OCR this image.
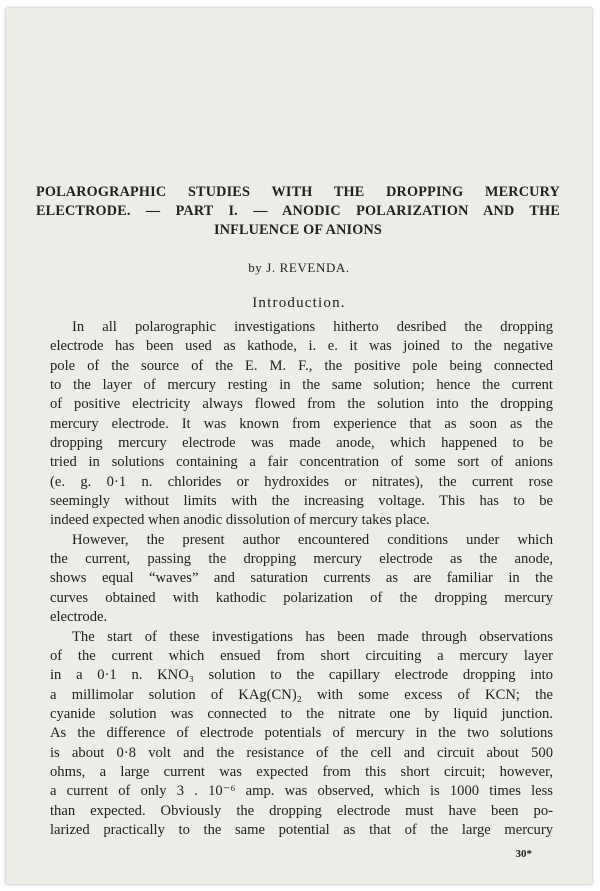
POLAROGRAPHIC STUDIES WITH THE DROPPING MERCURY
ELECTRODE. — PART I. — ANODIC POLARIZATION AND THE
INFLUENCE OF ANIONS

by J. REVENDA.

Introduction.
In all polarographic investigations hitherto desribed the dropping
electrode has been used as kathode, i. e. it was joined to the negative
pole of the source of the E. M. F., the positive pole being connected
to the layer of mercury resting in the same solution; hence the current
of positive electricity always flowed from the solution into the dropping
mercury electrode. It was known from experience that as soon as the
dropping mercury electrode was made anode, which happened to be
tried in solutions containing a fair concentration of some sort of anions
(e. g. 0·1 n. chlorides or hydroxides or nitrates), the current rose
seemingly without limits with the increasing voltage. This has to be
indeed expected when anodic dissolution of mercury takes place.
However, the present author encountered conditions under which
the current, passing the dropping mercury electrode as the anode,
shows equal “waves” and saturation currents as are familiar in the
curves obtained with kathodic polarization of the dropping mercury
electrode.
The start of these investigations has been made through observations
of the current which ensued from short circuiting a mercury layer
in a 0·1 n. KNO₃ solution to the capillary electrode dropping into
a millimolar solution of KAg(CN)₂ with some excess of KCN; the
cyanide solution was connected to the nitrate one by liquid junction.
As the difference of electrode potentials of mercury in the two solutions
is about 0·8 volt and the resistance of the cell and circuit about 500
ohms, a large current was expected from this short circuit; however,
a current of only 3 . 10⁻⁶ amp. was observed, which is 1000 times less
than expected. Obviously the dropping electrode must have been po-
larized practically to the same potential as that of the large mercury

30*
